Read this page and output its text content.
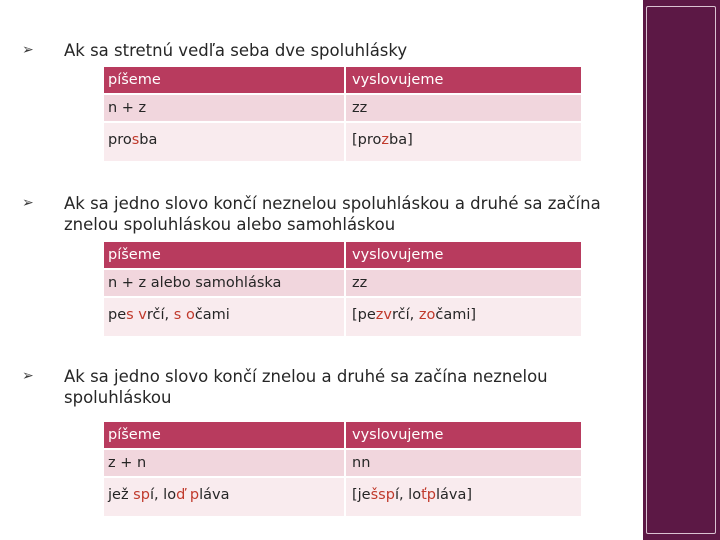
➢ Ak sa stretnú vedľa seba dve spoluhlásky
píšeme	vyslovujeme
n + z	zz
prosba	[prozba]
➢ Ak sa jedno slovo končí neznelou spoluhláskou a druhé sa začína
znelou spoluhláskou alebo samohláskou
píšeme	vyslovujeme
n + z alebo samohláska	zz
pes vrčí, s očami	[pezvrčí, zočami]
➢ Ak sa jedno slovo končí znelou a druhé sa začína neznelou
spoluhláskou
píšeme	vyslovujeme
z + n	nn
jež spí, loď pláva	[ješspí, loťpláva]
